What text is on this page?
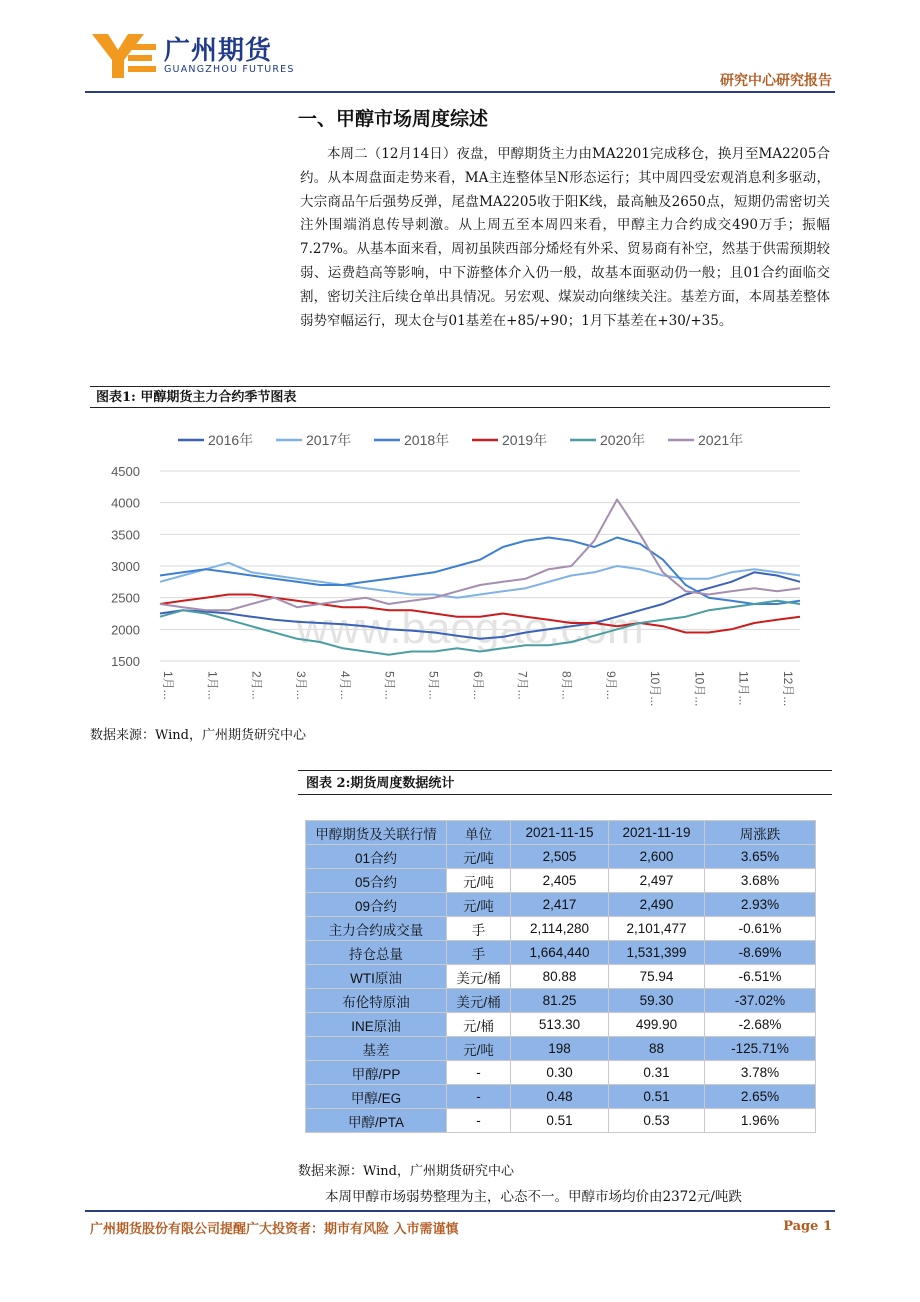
广州期货
GUANGZHOU FUTURES
研究中心研究报告
一、甲醇市场周度综述

本周二（12月14日）夜盘，甲醇期货主力由MA2201完成移仓，换月至MA2205合约。从本周盘面走势来看，MA主连整体呈N形态运行；其中周四受宏观消息利多驱动，大宗商品午后强势反弹，尾盘MA2205收于阳K线，最高触及2650点，短期仍需密切关注外围端消息传导刺激。从上周五至本周四来看，甲醇主力合约成交490万手；振幅7.27%。从基本面来看，周初虽陕西部分烯烃有外采、贸易商有补空，然基于供需预期较弱、运费趋高等影响，中下游整体介入仍一般，故基本面驱动仍一般；且01合约面临交割，密切关注后续仓单出具情况。另宏观、煤炭动向继续关注。基差方面，本周基差整体弱势窄幅运行，现太仓与01基差在+85/+90；1月下基差在+30/+35。

图表1: 甲醇期货主力合约季节图表
2016年	2017年	2018年	2019年	2020年	2021年
www.baogao.com
4500
4000
3500
3000
2500
2000
1500
1月...	1月...	2月...	3月...	4月...	5月...	5月...	6月...	7月...	8月...	9月...	10月...	10月...	11月...	12月...
数据来源：Wind，广州期货研究中心
图表 2:期货周度数据统计
甲醇期货及关联行情	单位	2021-11-15	2021-11-19	周涨跌
01合约	元/吨	2,505	2,600	3.65%
05合约	元/吨	2,405	2,497	3.68%
09合约	元/吨	2,417	2,490	2.93%
主力合约成交量	手	2,114,280	2,101,477	-0.61%
持仓总量	手	1,664,440	1,531,399	-8.69%
WTI原油	美元/桶	80.88	75.94	-6.51%
布伦特原油	美元/桶	81.25	59.30	-37.02%
INE原油	元/桶	513.30	499.90	-2.68%
基差	元/吨	198	88	-125.71%
甲醇/PP	-	0.30	0.31	3.78%
甲醇/EG	-	0.48	0.51	2.65%
甲醇/PTA	-	0.51	0.53	1.96%
数据来源：Wind，广州期货研究中心
本周甲醇市场弱势整理为主，心态不一。甲醇市场均价由2372元/吨跌
广州期货股份有限公司提醒广大投资者：期市有风险 入市需谨慎	Page 1
